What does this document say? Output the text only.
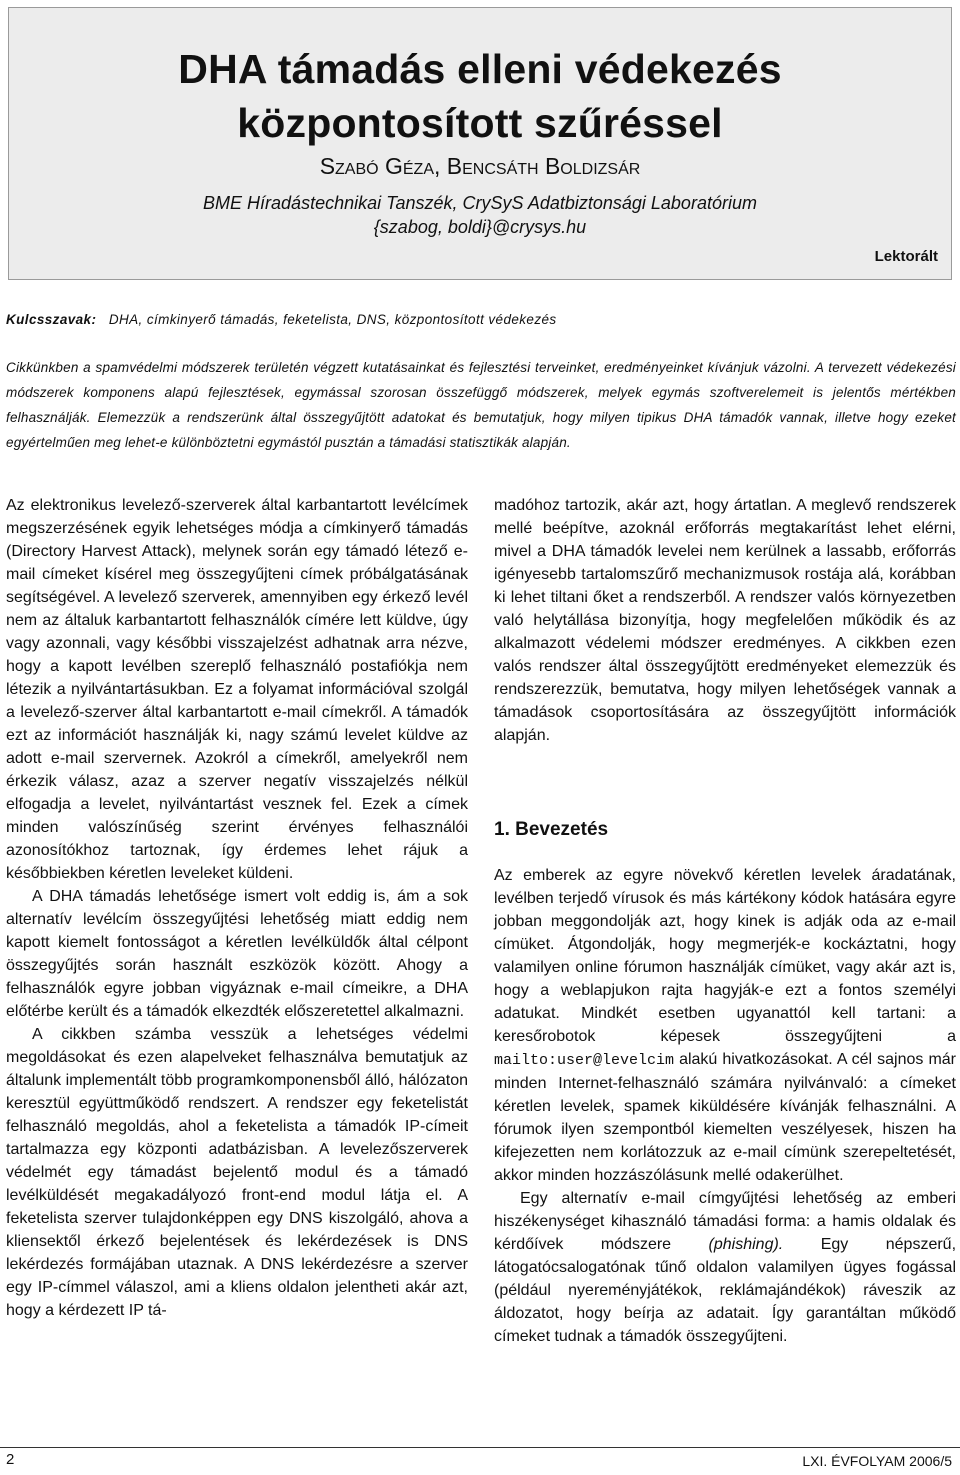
DHA támadás elleni védekezés
központosított szűréssel

Szabó Géza, Bencsáth Boldizsár

BME Híradástechnikai Tanszék, CrySyS Adatbiztonsági Laboratórium
{szabog, boldi}@crysys.hu

Lektorált

Kulcsszavak: DHA, címkinyerő támadás, feketelista, DNS, központosított védekezés

Cikkünkben a spamvédelmi módszerek területén végzett kutatásainkat és fejlesztési terveinket, eredményeinket kívánjuk vázolni. A tervezett védekezési módszerek komponens alapú fejlesztések, egymással szorosan összefüggő módszerek, melyek egymás szoftverelemeit is jelentős mértékben felhasználják. Elemezzük a rendszerünk által összegyűjtött adatokat és bemutatjuk, hogy milyen tipikus DHA támadók vannak, illetve hogy ezeket egyértelműen meg lehet-e különböztetni egymástól pusztán a támadási statisztikák alapján.

Az elektronikus levelező-szerverek által karbantartott levélcímek megszerzésének egyik lehetséges módja a címkinyerő támadás (Directory Harvest Attack), melynek során egy támadó létező e-mail címeket kísérel meg összegyűjteni címek próbálgatásának segítségével. A levelező szerverek, amennyiben egy érkező levél nem az általuk karbantartott felhasználók címére lett küldve, úgy vagy azonnali, vagy későbbi visszajelzést adhatnak arra nézve, hogy a kapott levélben szereplő felhasználó postafiókja nem létezik a nyilvántartásukban. Ez a folyamat információval szolgál a levelező-szerver által karbantartott e-mail címekről. A támadók ezt az információt használják ki, nagy számú levelet küldve az adott e-mail szervernek. Azokról a címekről, amelyekről nem érkezik válasz, azaz a szerver negatív visszajelzés nélkül elfogadja a levelet, nyilvántartást vesznek fel. Ezek a címek minden valószínűség szerint érvényes felhasználói azonosítókhoz tartoznak, így érdemes lehet rájuk a későbbiekben kéretlen leveleket küldeni.

A DHA támadás lehetősége ismert volt eddig is, ám a sok alternatív levélcím összegyűjtési lehetőség miatt eddig nem kapott kiemelt fontosságot a kéretlen levélküldők által célpont összegyűjtés során használt eszközök között. Ahogy a felhasználók egyre jobban vigyáznak e-mail címeikre, a DHA előtérbe került és a támadók elkezdték előszeretettel alkalmazni.

A cikkben számba vesszük a lehetséges védelmi megoldásokat és ezen alapelveket felhasználva bemutatjuk az általunk implementált több programkomponensből álló, hálózaton keresztül együttműködő rendszert. A rendszer egy feketelistát felhasználó megoldás, ahol a feketelista a támadók IP-címeit tartalmazza egy központi adatbázisban. A levelezőszerverek védelmét egy támadást bejelentő modul és a támadó levélküldését megakadályozó front-end modul látja el. A feketelista szerver tulajdonképpen egy DNS kiszolgáló, ahova a kliensektől érkező bejelentések és lekérdezések is DNS lekérdezés formájában utaznak. A DNS lekérdezésre a szerver egy IP-címmel válaszol, ami a kliens oldalon jelentheti akár azt, hogy a kérdezett IP tá-

madóhoz tartozik, akár azt, hogy ártatlan. A meglevő rendszerek mellé beépítve, azoknál erőforrás megtakarítást lehet elérni, mivel a DHA támadók levelei nem kerülnek a lassabb, erőforrás igényesebb tartalomszűrő mechanizmusok rostája alá, korábban ki lehet tiltani őket a rendszerből. A rendszer valós környezetben való helytállása bizonyítja, hogy megfelelően működik és az alkalmazott védelemi módszer eredményes. A cikkben ezen valós rendszer által összegyűjtött eredményeket elemezzük és rendszerezzük, bemutatva, hogy milyen lehetőségek vannak a támadások csoportosítására az összegyűjtött információk alapján.

1. Bevezetés

Az emberek az egyre növekvő kéretlen levelek áradatának, levélben terjedő vírusok és más kártékony kódok hatására egyre jobban meggondolják azt, hogy kinek is adják oda az e-mail címüket. Átgondolják, hogy megmerjék-e kockáztatni, hogy valamilyen online fórumon használják címüket, vagy akár azt is, hogy a weblapjukon rajta hagyják-e ezt a fontos személyi adatukat. Mindkét esetben ugyanattól kell tartani: a keresőrobotok képesek összegyűjteni a mailto:user@levelcim alakú hivatkozásokat. A cél sajnos már minden Internet-felhasználó számára nyilvánvaló: a címeket kéretlen levelek, spamek kiküldésére kívánják felhasználni. A fórumok ilyen szempontból kiemelten veszélyesek, hiszen ha kifejezetten nem korlátozzuk az e-mail címünk szerepeltetését, akkor minden hozzászólásunk mellé odakerülhet.

Egy alternatív e-mail címgyűjtési lehetőség az emberi hiszékenységet kihasználó támadási forma: a hamis oldalak és kérdőívek módszere (phishing). Egy népszerű, látogatócsalogatónak tűnő oldalon valamilyen ügyes fogással (például nyereményjátékok, reklámajándékok) ráveszik az áldozatot, hogy beírja az adatait. Így garantáltan működő címeket tudnak a támadók összegyűjteni.

2	LXI. ÉVFOLYAM 2006/5
